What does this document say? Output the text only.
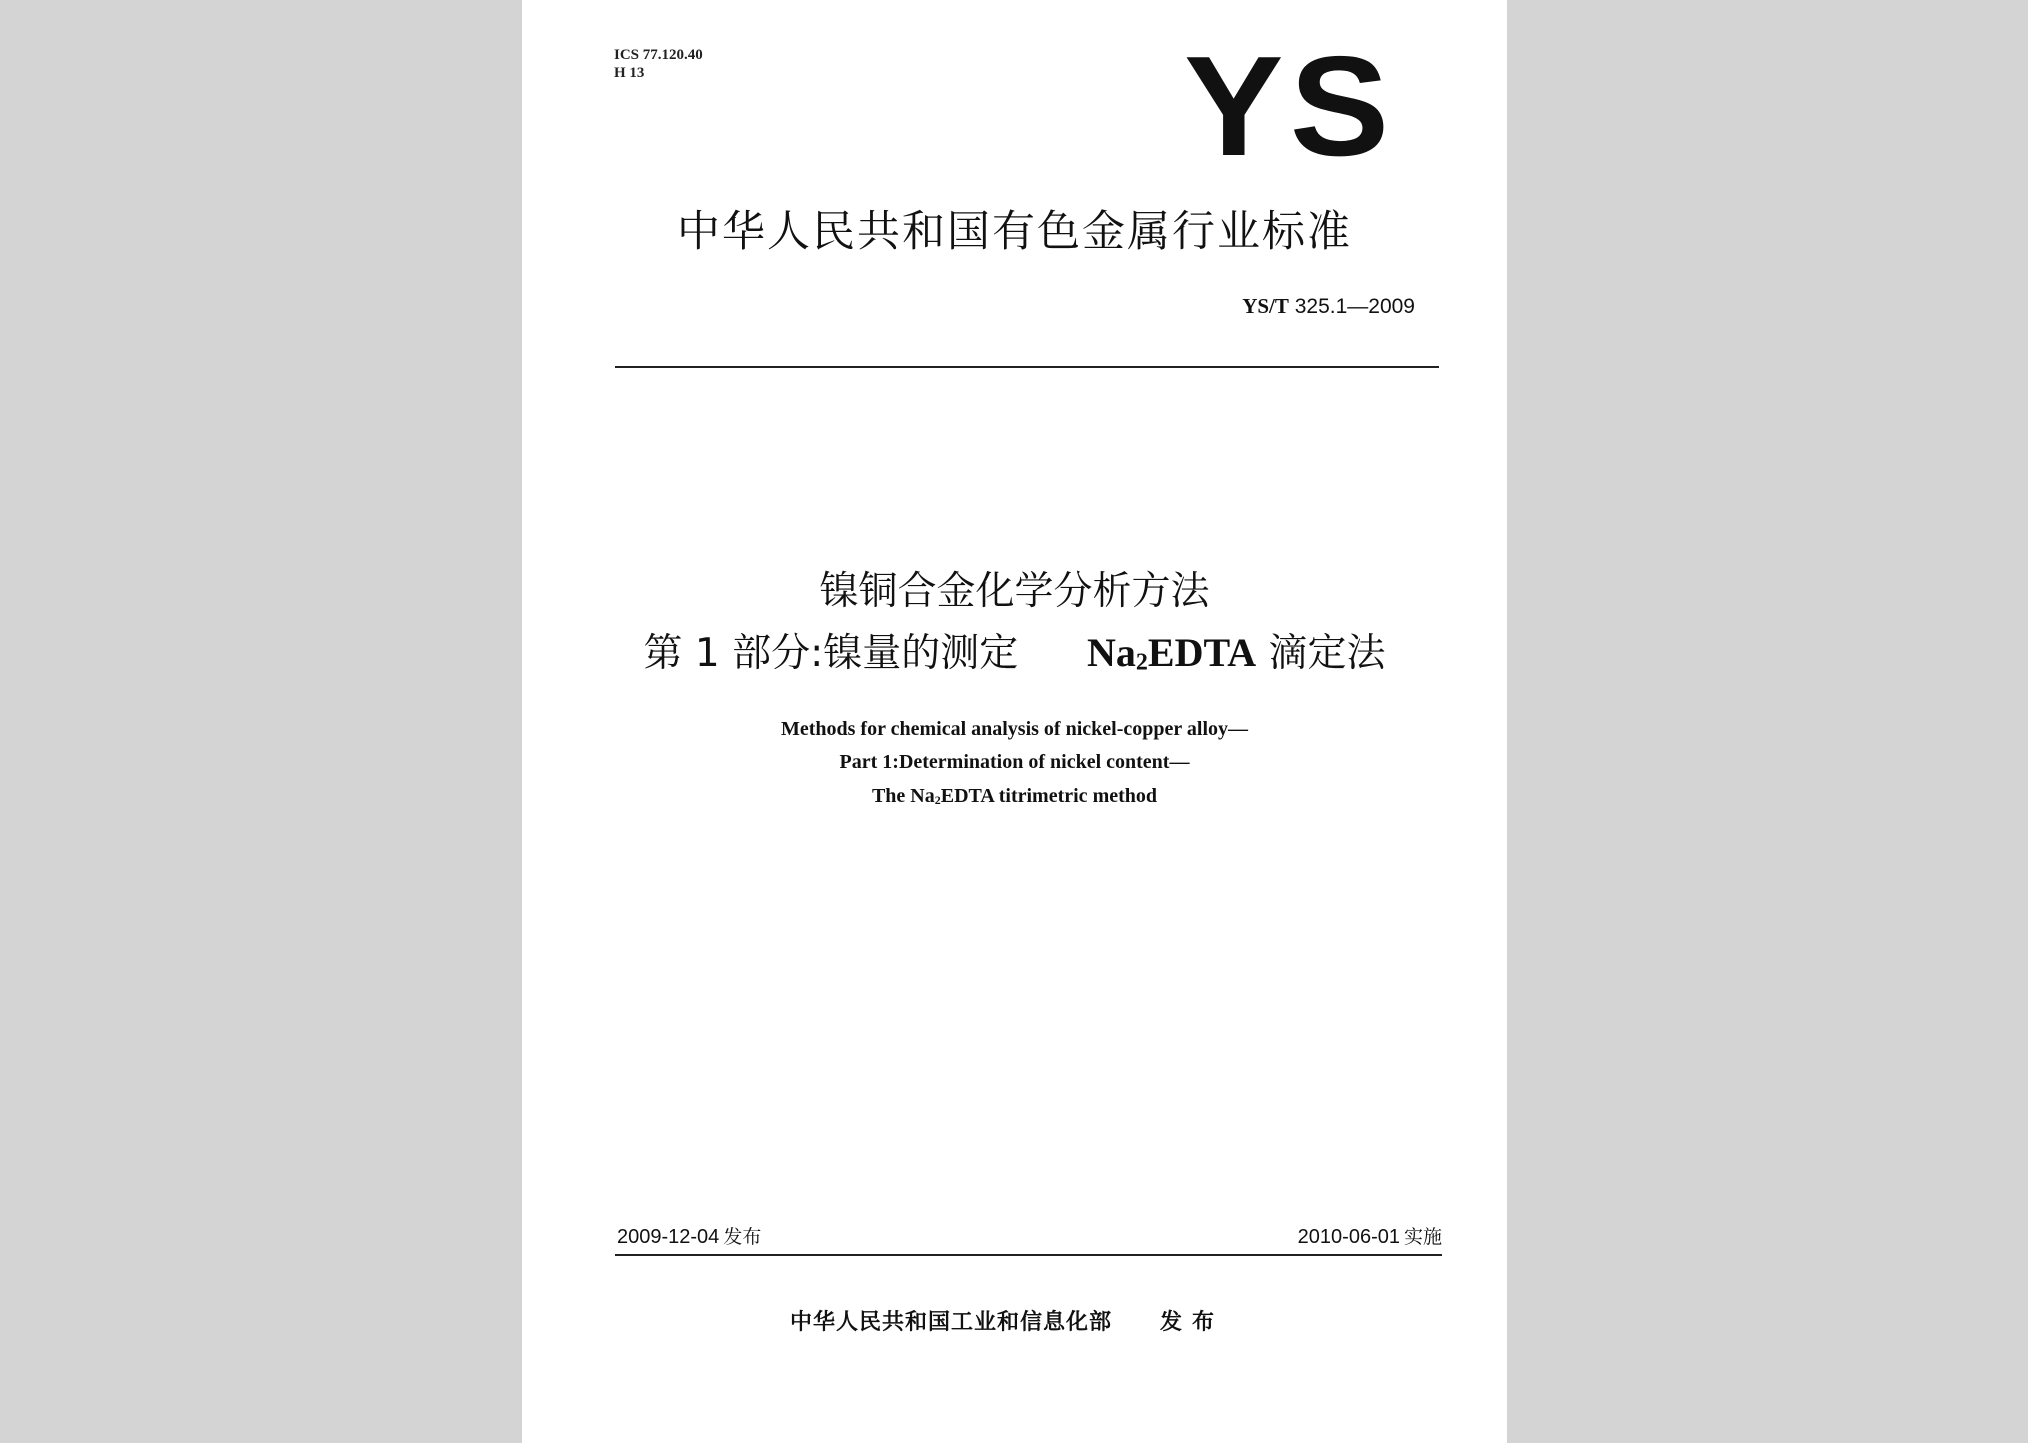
ICS 77.120.40
H 13	YS
中华人民共和国有色金属行业标准
YS/T 325.1—2009
镍铜合金化学分析方法
第 1 部分:镍量的测定 $Na_2EDTA$ 滴定法
Methods for chemical analysis of nickel-copper alloy—
Part 1:Determination of nickel content—
The $Na_2EDTA$ titrimetric method
2009-12-04 发布	2010-06-01 实施
中华人民共和国工业和信息化部 发布
